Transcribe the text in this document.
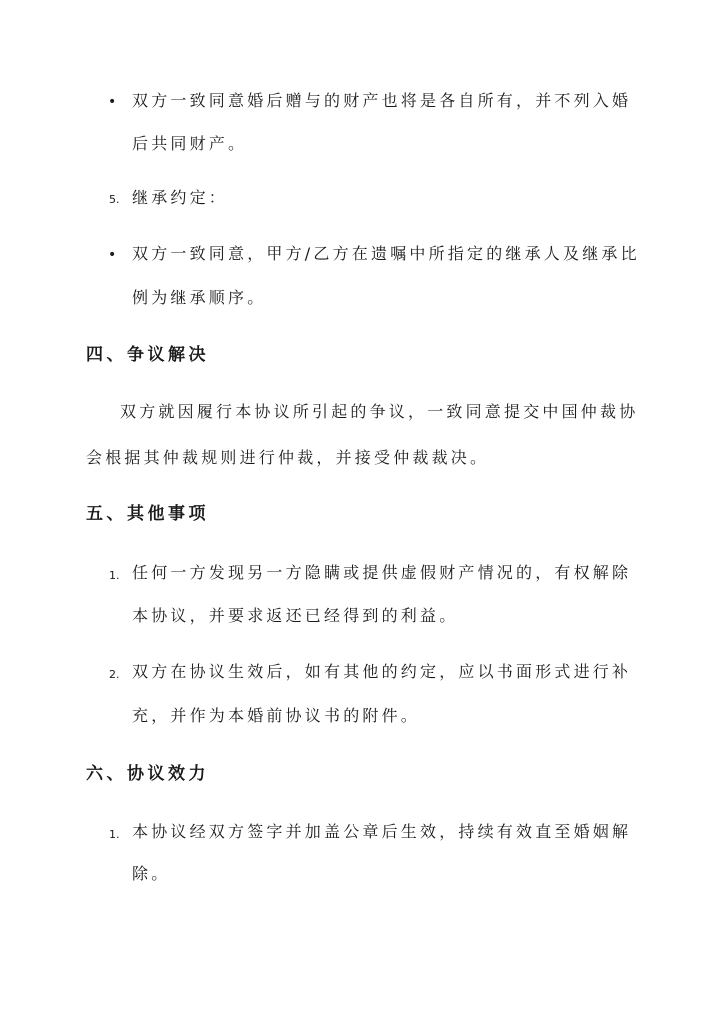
• 双方一致同意婚后赠与的财产也将是各自所有，并不列入婚
后共同财产。
5. 继承约定：
• 双方一致同意，甲方/乙方在遗嘱中所指定的继承人及继承比
例为继承顺序。
四、争议解决
双方就因履行本协议所引起的争议，一致同意提交中国仲裁协
会根据其仲裁规则进行仲裁，并接受仲裁裁决。
五、其他事项
1. 任何一方发现另一方隐瞒或提供虚假财产情况的，有权解除
本协议，并要求返还已经得到的利益。
2. 双方在协议生效后，如有其他的约定，应以书面形式进行补
充，并作为本婚前协议书的附件。
六、协议效力
1. 本协议经双方签字并加盖公章后生效，持续有效直至婚姻解
除。
